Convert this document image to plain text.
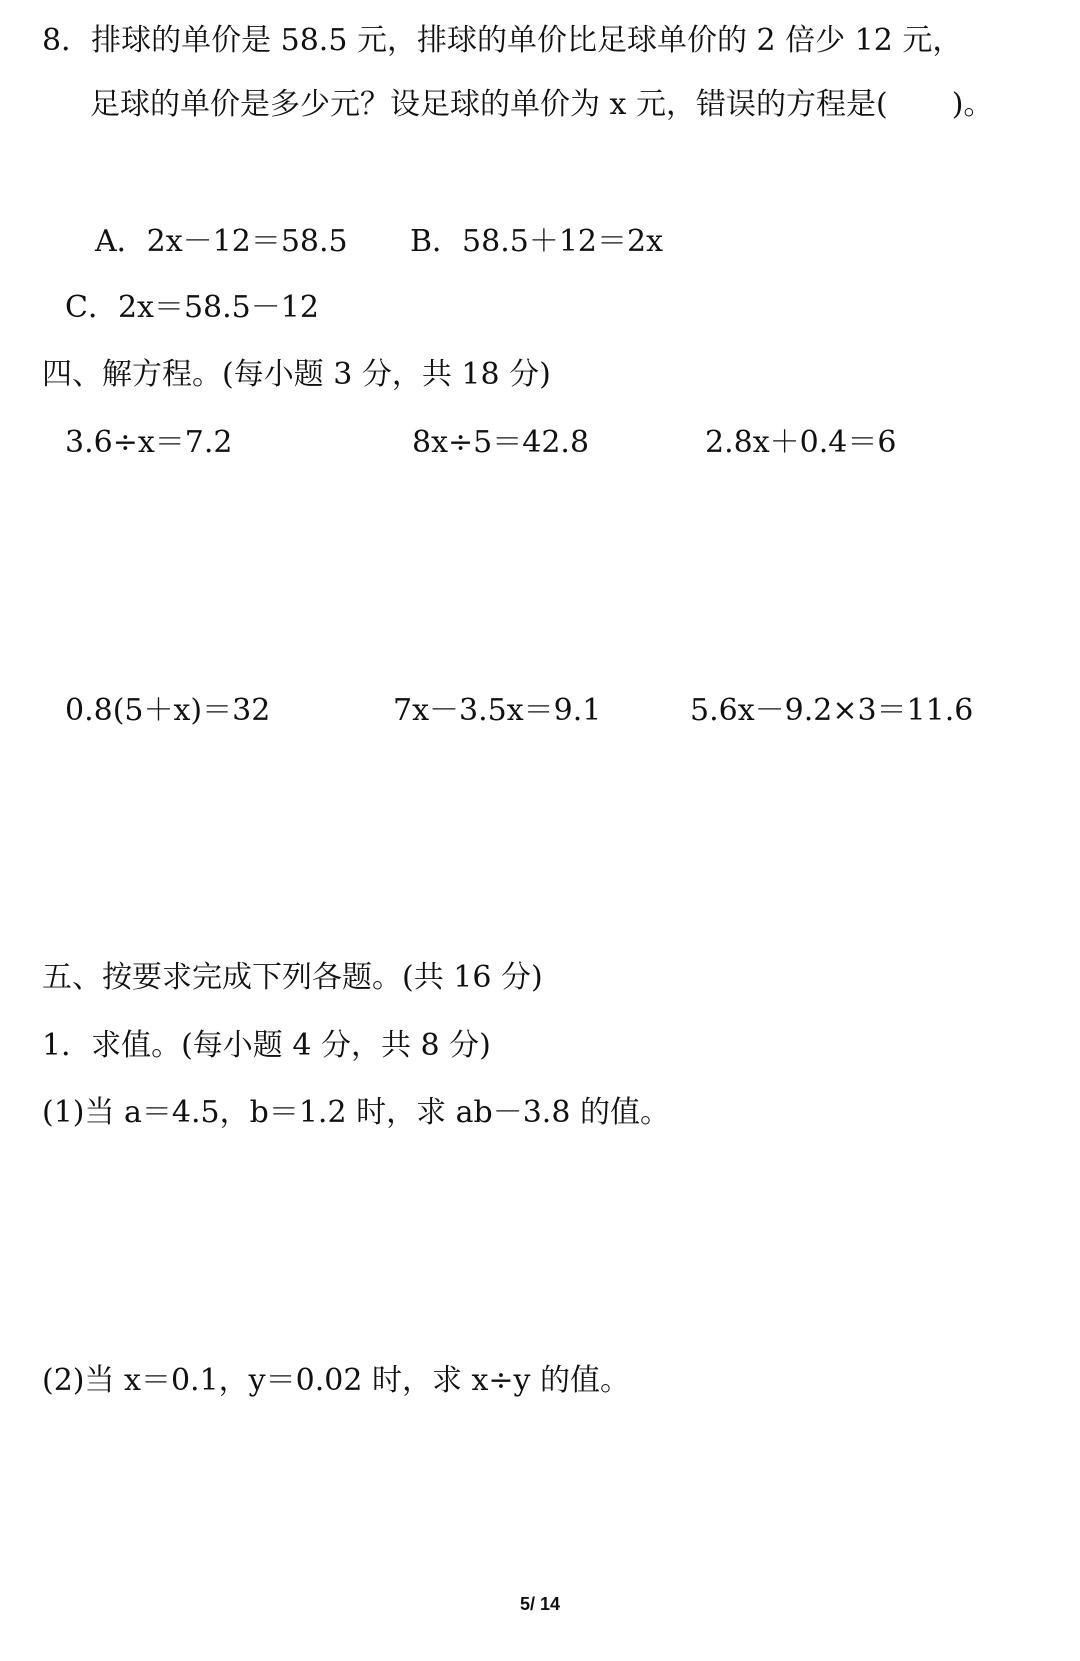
8．排球的单价是 58.5 元，排球的单价比足球单价的 2 倍少 12 元，
足球的单价是多少元？设足球的单价为 x 元，错误的方程是( )。
A．2x－12＝58.5 B．58.5＋12＝2x
C．2x＝58.5－12
四、解方程。(每小题 3 分，共 18 分)
3.6÷x＝7.2	8x÷5＝42.8	2.8x＋0.4＝6
0.8(5＋x)＝32	7x－3.5x＝9.1	5.6x－9.2×3＝11.6
五、按要求完成下列各题。(共 16 分)
1．求值。(每小题 4 分，共 8 分)
(1)当 a＝4.5，b＝1.2 时，求 ab－3.8 的值。
(2)当 x＝0.1，y＝0.02 时，求 x÷y 的值。
5/ 14
